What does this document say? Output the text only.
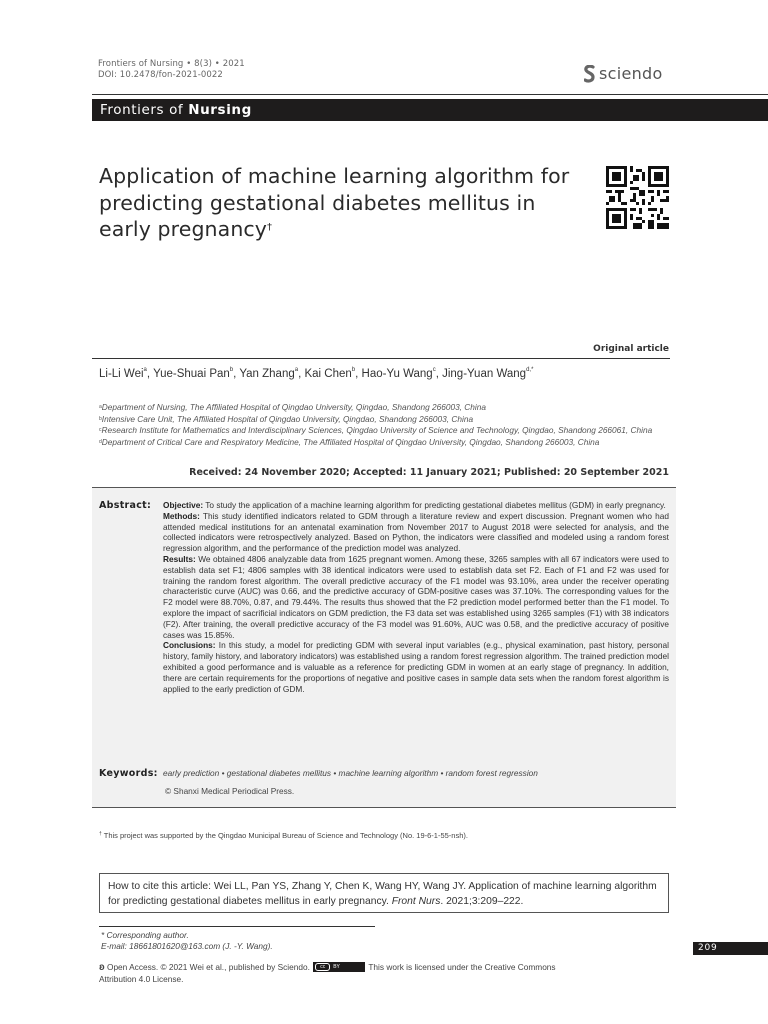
Frontiers of Nursing • 8(3) • 2021
DOI: 10.2478/fon-2021-0022	sciendo
Frontiers of Nursing
Application of machine learning algorithm for predicting gestational diabetes mellitus in early pregnancy†
Original article
Li-Li Wei$^a$, Yue-Shuai Pan$^b$, Yan Zhang$^a$, Kai Chen$^b$, Hao-Yu Wang$^c$, Jing-Yuan Wang$^{d,*}$
$^a$Department of Nursing, The Affiliated Hospital of Qingdao University, Qingdao, Shandong 266003, China
$^b$Intensive Care Unit, The Affiliated Hospital of Qingdao University, Qingdao, Shandong 266003, China
$^c$Research Institute for Mathematics and Interdisciplinary Sciences, Qingdao University of Science and Technology, Qingdao, Shandong 266061, China
$^d$Department of Critical Care and Respiratory Medicine, The Affiliated Hospital of Qingdao University, Qingdao, Shandong 266003, China
Received: 24 November 2020; Accepted: 11 January 2021; Published: 20 September 2021
Abstract: Objective: To study the application of a machine learning algorithm for predicting gestational diabetes mellitus (GDM) in early pregnancy.

Methods: This study identified indicators related to GDM through a literature review and expert discussion. Pregnant women who had attended medical institutions for an antenatal examination from November 2017 to August 2018 were selected for analysis, and the collected indicators were retrospectively analyzed. Based on Python, the indicators were classified and modeled using a random forest regression algorithm, and the performance of the prediction model was analyzed.

Results: We obtained 4806 analyzable data from 1625 pregnant women. Among these, 3265 samples with all 67 indicators were used to establish data set F1; 4806 samples with 38 identical indicators were used to establish data set F2. Each of F1 and F2 was used for training the random forest algorithm. The overall predictive accuracy of the F1 model was 93.10%, area under the receiver operating characteristic curve (AUC) was 0.66, and the predictive accuracy of GDM-positive cases was 37.10%. The corresponding values for the F2 model were 88.70%, 0.87, and 79.44%. The results thus showed that the F2 prediction model performed better than the F1 model. To explore the impact of sacrificial indicators on GDM prediction, the F3 data set was established using 3265 samples (F1) with 38 indicators (F2). After training, the overall predictive accuracy of the F3 model was 91.60%, AUC was 0.58, and the predictive accuracy of positive cases was 15.85%.

Conclusions: In this study, a model for predicting GDM with several input variables (e.g., physical examination, past history, personal history, family history, and laboratory indicators) was established using a random forest regression algorithm. The trained prediction model exhibited a good performance and is valuable as a reference for predicting GDM in women at an early stage of pregnancy. In addition, there are certain requirements for the proportions of negative and positive cases in sample data sets when the random forest algorithm is applied to the early prediction of GDM.

Keywords: early prediction • gestational diabetes mellitus • machine learning algorithm • random forest regression
© Shanxi Medical Periodical Press.
† This project was supported by the Qingdao Municipal Bureau of Science and Technology (No. 19-6-1-55-nsh).
How to cite this article: Wei LL, Pan YS, Zhang Y, Chen K, Wang HY, Wang JY. Application of machine learning algorithm for predicting gestational diabetes mellitus in early pregnancy. Front Nurs. 2021;3:209–222.
* Corresponding author.
E-mail: 18661801620@163.com (J. -Y. Wang).	209
ʚ Open Access. © 2021 Wei et al., published by Sciendo.	cc	BY	This work is licensed under the Creative Commons Attribution 4.0 License.
